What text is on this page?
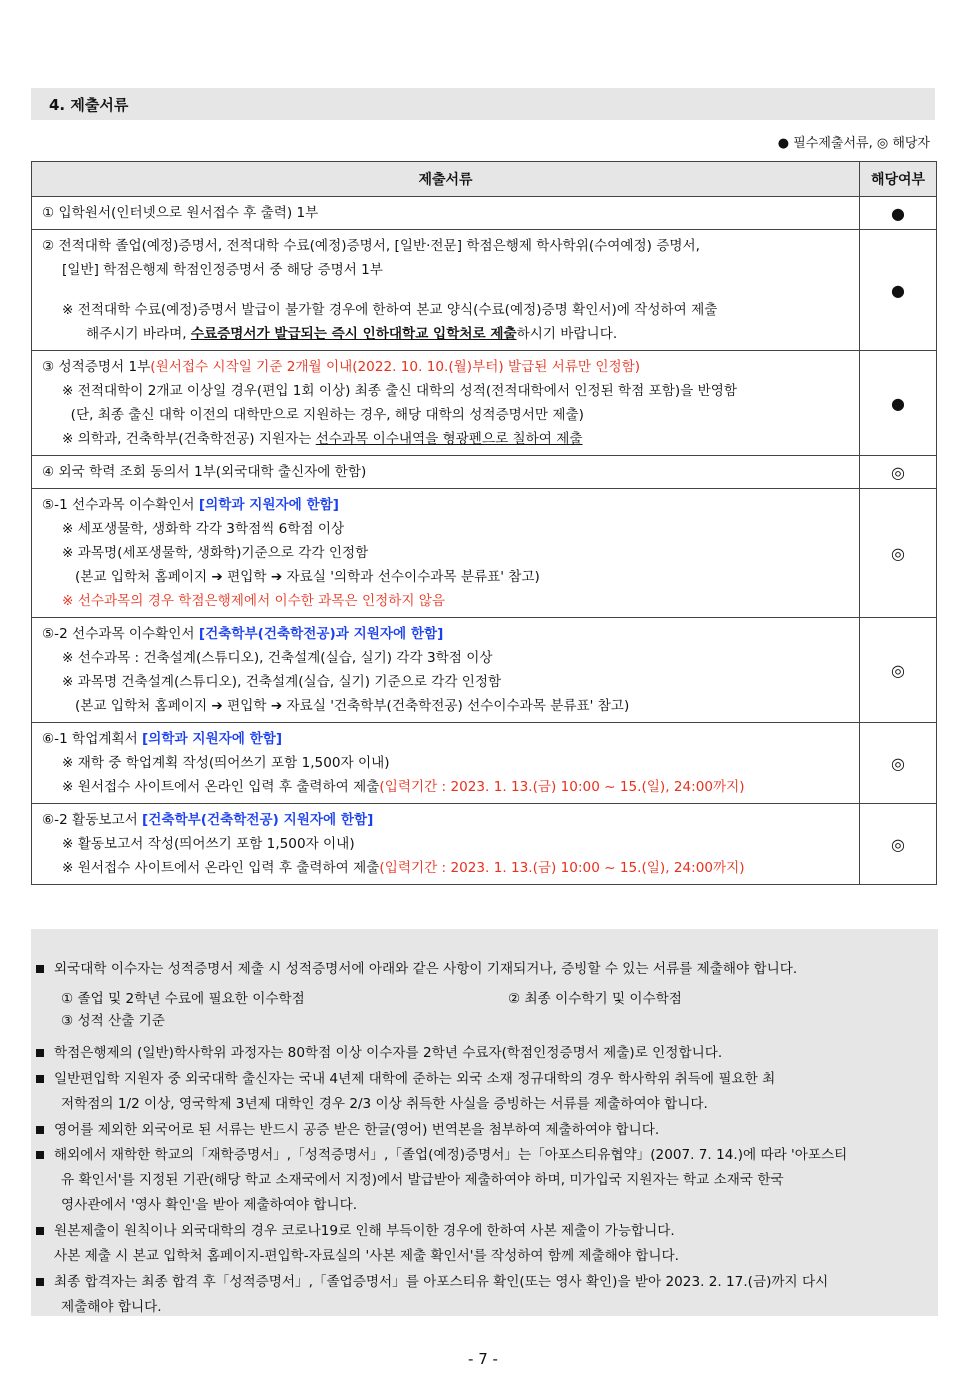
4. 제출서류
● 필수제출서류, ◎ 해당자
제출서류	해당여부

① 입학원서(인터넷으로 원서접수 후 출력) 1부	●

② 전적대학 졸업(예정)증명서, 전적대학 수료(예정)증명서, [일반·전문] 학점은행제 학사학위(수여예정) 증명서,
[일반] 학점은행제 학점인정증명서 중 해당 증명서 1부
※ 전적대학 수료(예정)증명서 발급이 불가할 경우에 한하여 본교 양식(수료(예정)증명 확인서)에 작성하여 제출
해주시기 바라며, 수료증명서가 발급되는 즉시 인하대학교 입학처로 제출하시기 바랍니다.	●

③ 성적증명서 1부(원서접수 시작일 기준 2개월 이내(2022. 10. 10.(월)부터) 발급된 서류만 인정함)
※ 전적대학이 2개교 이상일 경우(편입 1회 이상) 최종 출신 대학의 성적(전적대학에서 인정된 학점 포함)을 반영함
(단, 최종 출신 대학 이전의 대학만으로 지원하는 경우, 해당 대학의 성적증명서만 제출)
※ 의학과, 건축학부(건축학전공) 지원자는 선수과목 이수내역을 형광펜으로 칠하여 제출	●

④ 외국 학력 조회 동의서 1부(외국대학 출신자에 한함)	◎

⑤-1 선수과목 이수확인서 [의학과 지원자에 한함]
※ 세포생물학, 생화학 각각 3학점씩 6학점 이상
※ 과목명(세포생물학, 생화학)기준으로 각각 인정함
(본교 입학처 홈페이지 ➔ 편입학 ➔ 자료실 '의학과 선수이수과목 분류표' 참고)
※ 선수과목의 경우 학점은행제에서 이수한 과목은 인정하지 않음	◎

⑤-2 선수과목 이수확인서 [건축학부(건축학전공)과 지원자에 한함]
※ 선수과목 : 건축설계(스튜디오), 건축설계(실습, 실기) 각각 3학점 이상
※ 과목명 건축설계(스튜디오), 건축설계(실습, 실기) 기준으로 각각 인정함
(본교 입학처 홈페이지 ➔ 편입학 ➔ 자료실 '건축학부(건축학전공) 선수이수과목 분류표' 참고)	◎

⑥-1 학업계획서 [의학과 지원자에 한함]
※ 재학 중 학업계획 작성(띄어쓰기 포함 1,500자 이내)
※ 원서접수 사이트에서 온라인 입력 후 출력하여 제출(입력기간 : 2023. 1. 13.(금) 10:00 ~ 15.(일), 24:00까지)	◎

⑥-2 활동보고서 [건축학부(건축학전공) 지원자에 한함]
※ 활동보고서 작성(띄어쓰기 포함 1,500자 이내)
※ 원서접수 사이트에서 온라인 입력 후 출력하여 제출(입력기간 : 2023. 1. 13.(금) 10:00 ~ 15.(일), 24:00까지)	◎
외국대학 이수자는 성적증명서 제출 시 성적증명서에 아래와 같은 사항이 기재되거나, 증빙할 수 있는 서류를 제출해야 합니다.
① 졸업 및 2학년 수료에 필요한 이수학점	② 최종 이수학기 및 이수학점
③ 성적 산출 기준
학점은행제의 (일반)학사학위 과정자는 80학점 이상 이수자를 2학년 수료자(학점인정증명서 제출)로 인정합니다.
일반편입학 지원자 중 외국대학 출신자는 국내 4년제 대학에 준하는 외국 소재 정규대학의 경우 학사학위 취득에 필요한 최
저학점의 1/2 이상, 영국학제 3년제 대학인 경우 2/3 이상 취득한 사실을 증빙하는 서류를 제출하여야 합니다.
영어를 제외한 외국어로 된 서류는 반드시 공증 받은 한글(영어) 번역본을 첨부하여 제출하여야 합니다.
해외에서 재학한 학교의「재학증명서」,「성적증명서」,「졸업(예정)증명서」는「아포스티유협약」(2007. 7. 14.)에 따라 '아포스티
유 확인서'를 지정된 기관(해당 학교 소재국에서 지정)에서 발급받아 제출하여야 하며, 미가입국 지원자는 학교 소재국 한국
영사관에서 '영사 확인'을 받아 제출하여야 합니다.
원본제출이 원칙이나 외국대학의 경우 코로나19로 인해 부득이한 경우에 한하여 사본 제출이 가능합니다.
사본 제출 시 본교 입학처 홈페이지-편입학-자료실의 '사본 제출 확인서'를 작성하여 함께 제출해야 합니다.
최종 합격자는 최종 합격 후「성적증명서」,「졸업증명서」를 아포스티유 확인(또는 영사 확인)을 받아 2023. 2. 17.(금)까지 다시
제출해야 합니다.
- 7 -
